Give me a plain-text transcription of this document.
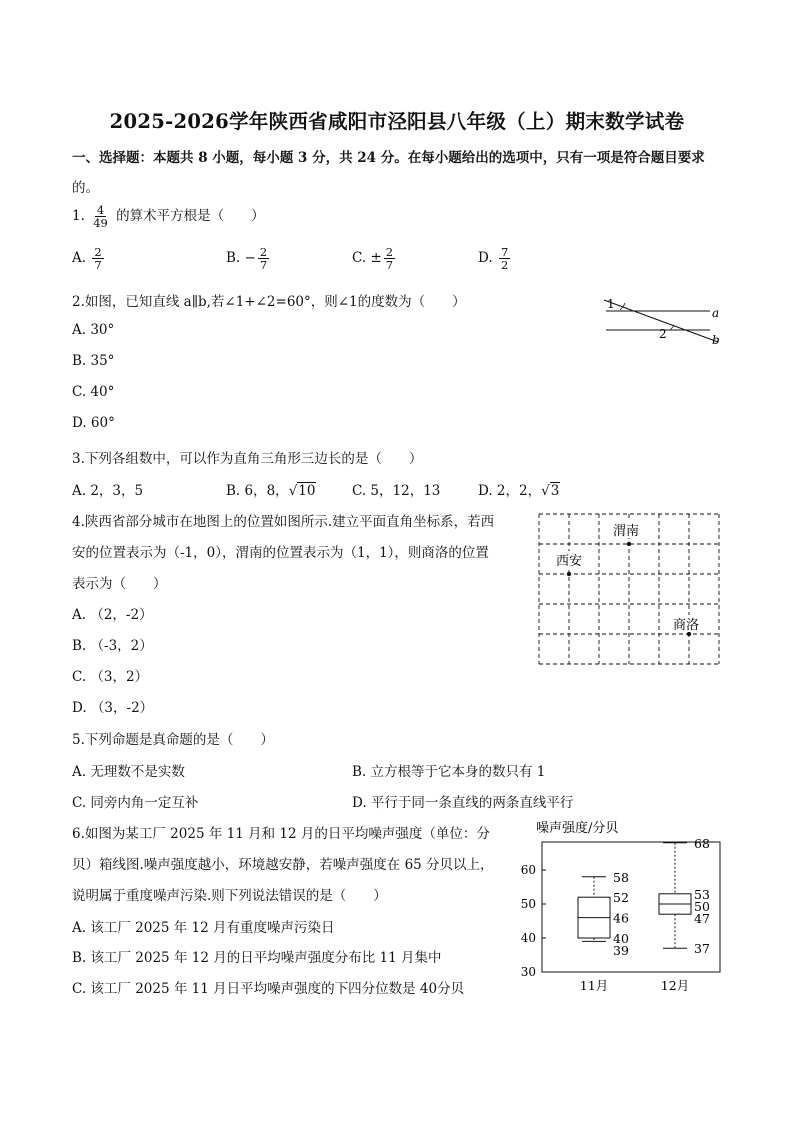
2025-2026学年陕西省咸阳市泾阳县八年级（上）期末数学试卷
一、选择题：本题共 8 小题，每小题 3 分，共 24 分。在每小题给出的选项中，只有一项是符合题目要求
的。
1. $\frac{4}{49}$ 的算术平方根是（　　）
A. $\frac{2}{7}$	B. − $\frac{2}{7}$	C. ± $\frac{2}{7}$	D. $\frac{7}{2}$
2.如图，已知直线 a∥b,若∠1+∠2=60°，则∠1的度数为（　　）
A. 30°
B. 35°
C. 40°
D. 60°
1
2
a
b
3.下列各组数中，可以作为直角三角形三边长的是（　　）
A. 2，3，5	B. 6，8，√10	C. 5，12，13	D. 2，2，√3
4.陕西省部分城市在地图上的位置如图所示.建立平面直角坐标系，若西
安的位置表示为（-1，0），渭南的位置表示为（1，1），则商洛的位置
表示为（　　）
A. （2，-2）
B. （-3，2）
C. （3，2）
D. （3，-2）
西安
渭南
商洛
5.下列命题是真命题的是（　　）
A. 无理数不是实数	B. 立方根等于它本身的数只有 1
C. 同旁内角一定互补	D. 平行于同一条直线的两条直线平行
6.如图为某工厂 2025 年 11 月和 12 月的日平均噪声强度（单位：分
贝）箱线图.噪声强度越小，环境越安静，若噪声强度在 65 分贝以上，
说明属于重度噪声污染.则下列说法错误的是（　　）
A. 该工厂 2025 年 12 月有重度噪声污染日
B. 该工厂 2025 年 12 月的日平均噪声强度分布比 11 月集中
C. 该工厂 2025 年 11 月日平均噪声强度的下四分位数是 40分贝
噪声强度/分贝
30
40
50
60	58
52
46
40
39
68
53
50
47
37
11月	12月
